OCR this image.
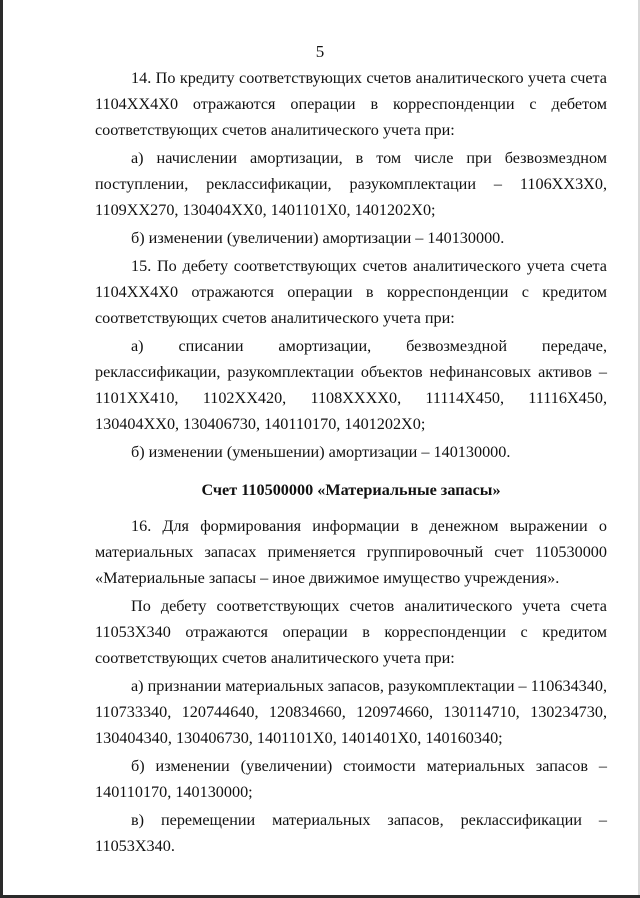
5

14. По кредиту соответствующих счетов аналитического учета счета 1104ХХ4Х0 отражаются операции в корреспонденции с дебетом соответствующих счетов аналитического учета при:

а) начислении амортизации, в том числе при безвозмездном поступлении, реклассификации, разукомплектации – 1106ХХ3Х0, 1109ХХ270, 130404ХХ0, 1401101Х0, 1401202Х0;

б) изменении (увеличении) амортизации – 140130000.

15. По дебету соответствующих счетов аналитического учета счета 1104ХХ4Х0 отражаются операции в корреспонденции с кредитом соответствующих счетов аналитического учета при:

а) списании амортизации, безвозмездной передаче, реклассификации, разукомплектации объектов нефинансовых активов – 1101ХХ410, 1102ХХ420, 1108ХХХХ0, 11114Х450, 11116Х450, 130404ХХ0, 130406730, 140110170, 1401202Х0;

б) изменении (уменьшении) амортизации – 140130000.

Счет 110500000 «Материальные запасы»

16. Для формирования информации в денежном выражении о материальных запасах применяется группировочный счет 110530000 «Материальные запасы – иное движимое имущество учреждения».

По дебету соответствующих счетов аналитического учета счета 11053Х340 отражаются операции в корреспонденции с кредитом соответствующих счетов аналитического учета при:

а) признании материальных запасов, разукомплектации – 110634340, 110733340, 120744640, 120834660, 120974660, 130114710, 130234730, 130404340, 130406730, 1401101Х0, 1401401Х0, 140160340;

б) изменении (увеличении) стоимости материальных запасов – 140110170, 140130000;

в) перемещении материальных запасов, реклассификации – 11053Х340.
